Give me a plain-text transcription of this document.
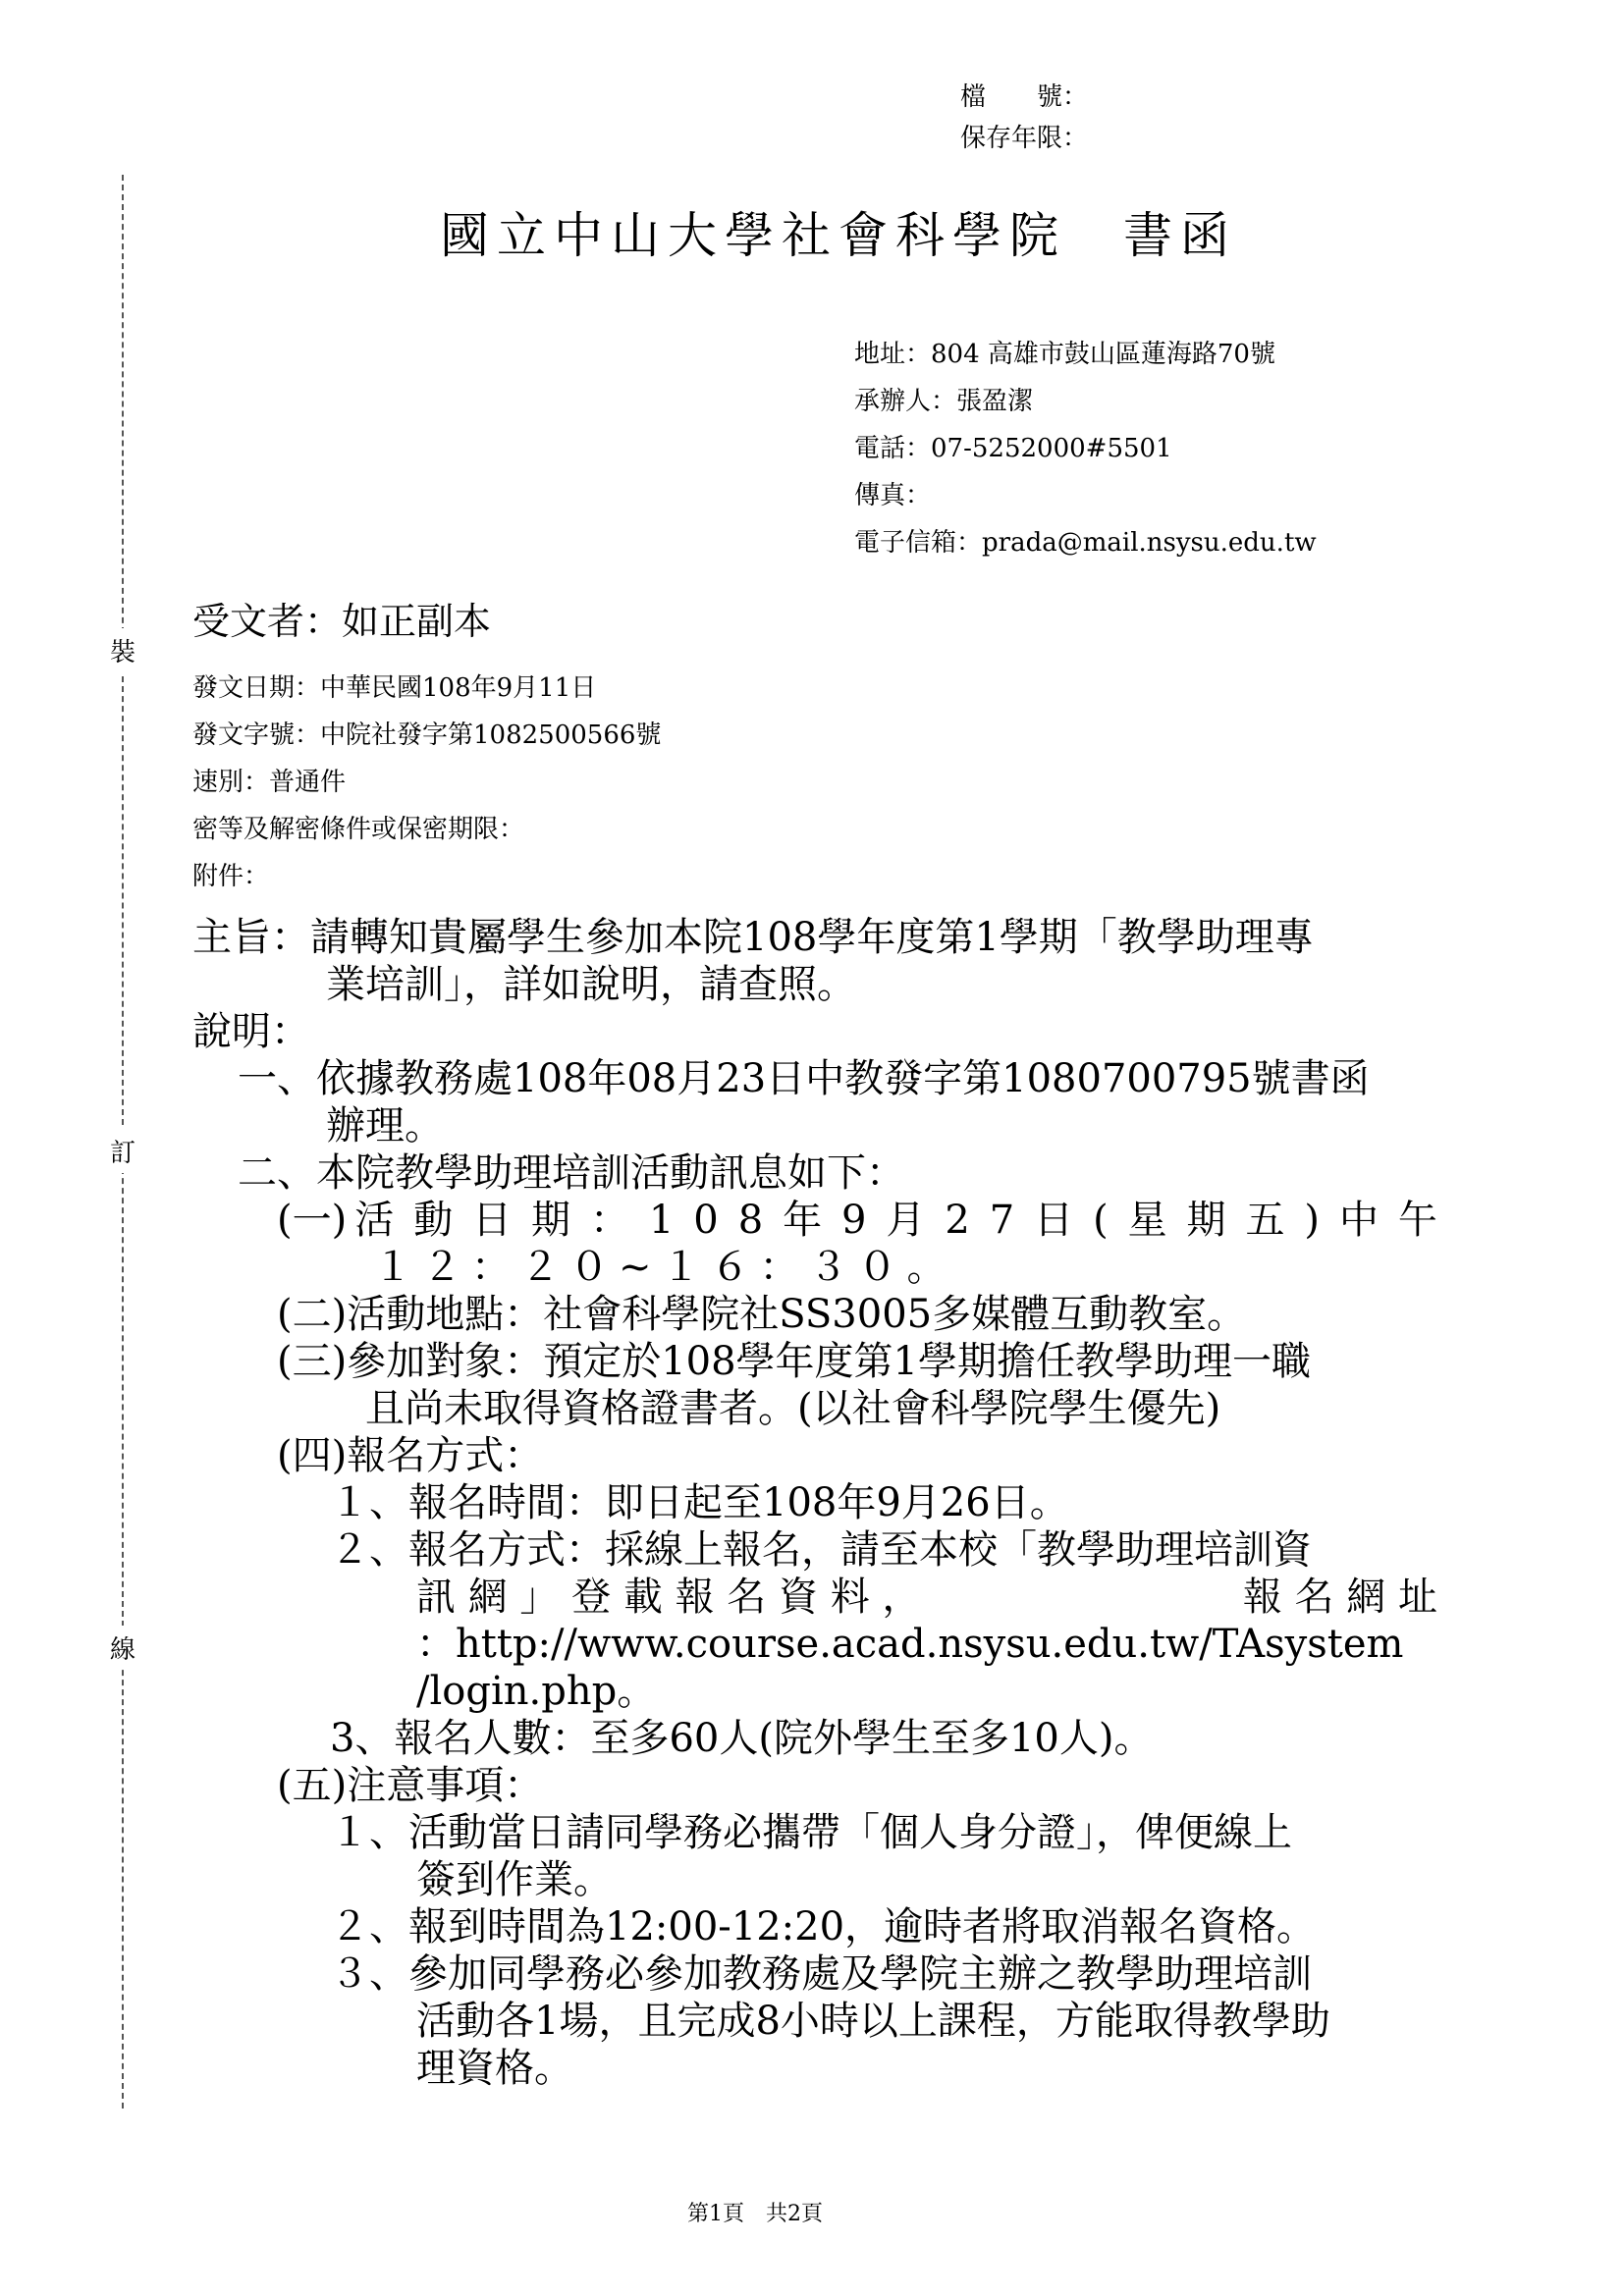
檔　　號：
保存年限：
裝
訂
線
國立中山大學社會科學院　書函
地址：804 高雄市鼓山區蓮海路70號
承辦人：張盈潔
電話：07-5252000#5501
傳真：
電子信箱：prada@mail.nsysu.edu.tw
受文者：如正副本
發文日期：中華民國108年9月11日
發文字號：中院社發字第1082500566號
速別：普通件
密等及解密條件或保密期限：
附件：
主旨：請轉知貴屬學生參加本院108學年度第1學期「教學助理專
業培訓」，詳如說明，請查照。
說明：
一、依據教務處108年08月23日中教發字第1080700795號書函
辦理。
二、本院教學助理培訓活動訊息如下：
(一) 活 動 日 期 ： 1 0 8 年 9 月 2 7 日 ( 星 期 五 ) 中 午
１２：２０~１６：３０。
(二)活動地點：社會科學院社SS3005多媒體互動教室。
(三)參加對象：預定於108學年度第1學期擔任教學助理一職
且尚未取得資格證書者。(以社會科學院學生優先)
(四)報名方式：
１、報名時間：即日起至108年9月26日。
２、報名方式：採線上報名，請至本校「教學助理培訓資
訊 網 」 登 載 報 名 資 料 ，	報 名 網 址
：http://www.course.acad.nsysu.edu.tw/TAsystem
/login.php。
3、報名人數：至多60人(院外學生至多10人)。
(五)注意事項：
１、活動當日請同學務必攜帶「個人身分證」，俾便線上
簽到作業。
２、報到時間為12:00-12:20，逾時者將取消報名資格。
３、參加同學務必參加教務處及學院主辦之教學助理培訓
活動各1場，且完成8小時以上課程，方能取得教學助
理資格。
第1頁　共2頁
